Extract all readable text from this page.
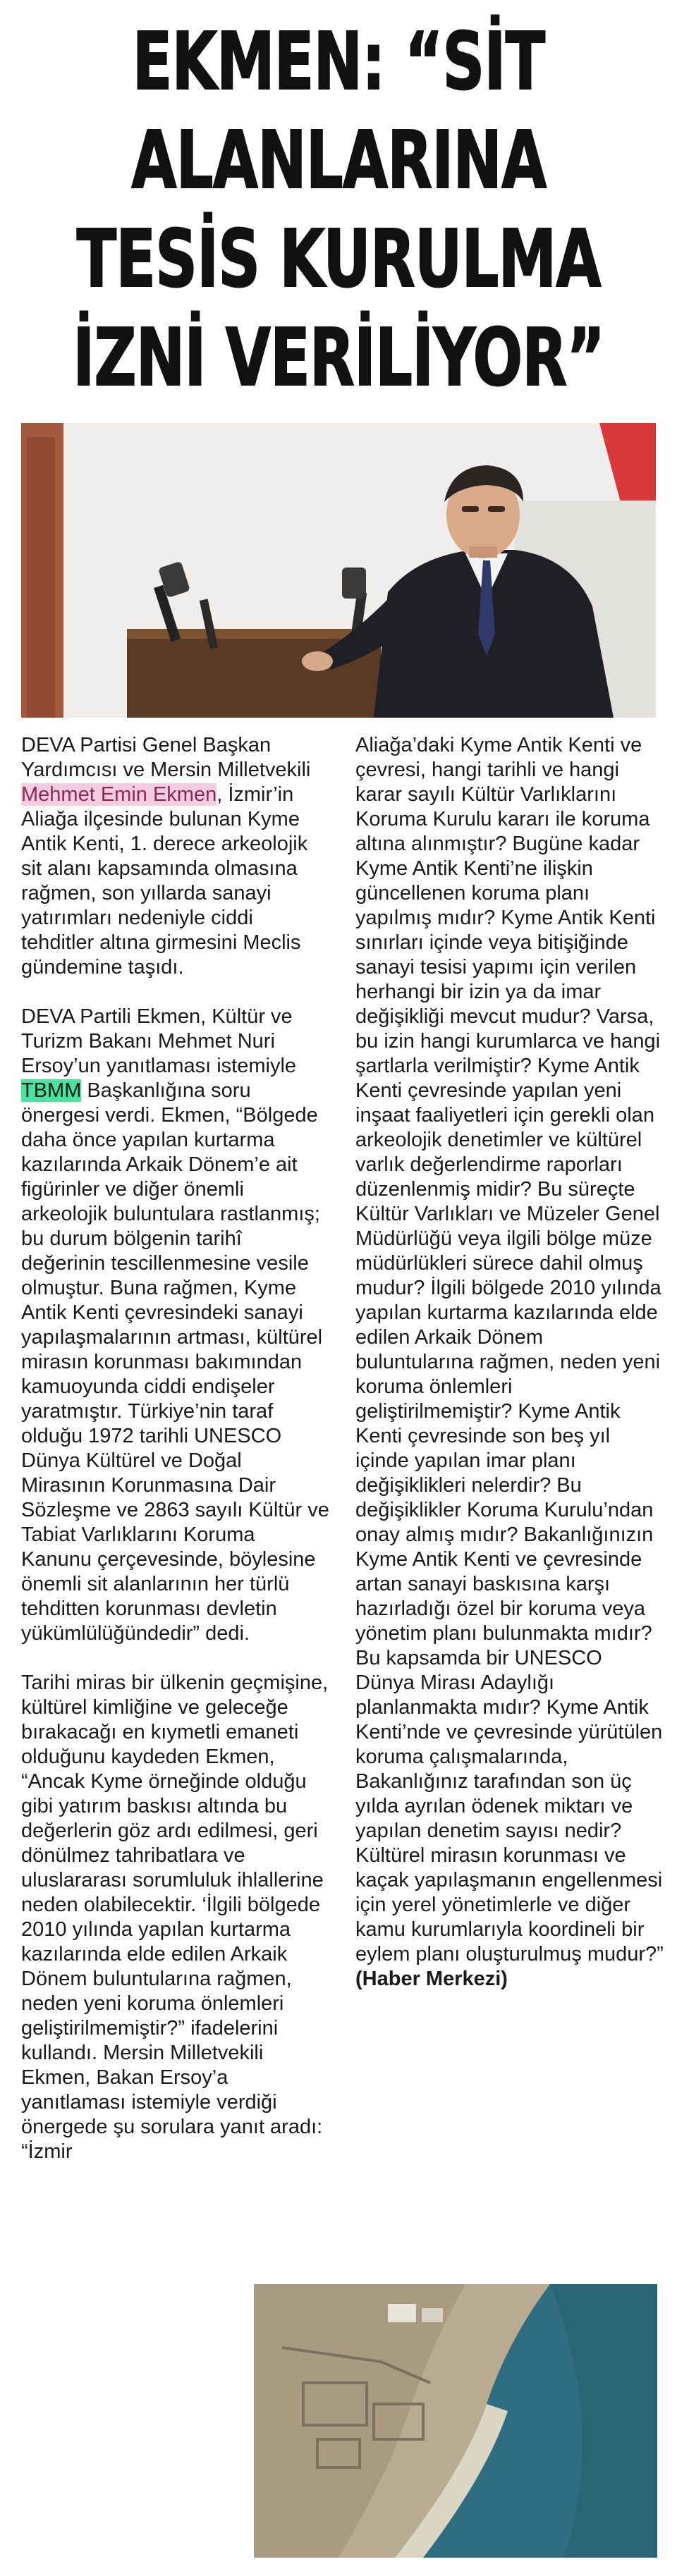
EKMEN: “SİT
ALANLARINA
TESİS KURULMA
İZNİ VERİLİYOR”

DEVA Partisi Genel Başkan Yardımcısı ve Mersin Milletvekili Mehmet Emin Ekmen, İzmir’in Aliağa ilçesinde bulunan Kyme Antik Kenti, 1. derece arkeolojik sit alanı kapsamında olmasına rağmen, son yıllarda sanayi yatırımları nedeniyle ciddi tehditler altına girmesini Meclis gündemine taşıdı.

DEVA Partili Ekmen, Kültür ve Turizm Bakanı Mehmet Nuri Ersoy’un yanıtlaması istemiyle TBMM Başkanlığına soru önergesi verdi. Ekmen, “Bölgede daha önce yapılan kurtarma kazılarında Arkaik Dönem’e ait figürinler ve diğer önemli arkeolojik buluntulara rastlanmış; bu durum bölgenin tarihî değerinin tescillenmesine vesile olmuştur. Buna rağmen, Kyme Antik Kenti çevresindeki sanayi yapılaşmalarının artması, kültürel mirasın korunması bakımından kamuoyunda ciddi endişeler yaratmıştır. Türkiye’nin taraf olduğu 1972 tarihli UNESCO Dünya Kültürel ve Doğal Mirasının Korunmasına Dair Sözleşme ve 2863 sayılı Kültür ve Tabiat Varlıklarını Koruma Kanunu çerçevesinde, böylesine önemli sit alanlarının her türlü tehditten korunması devletin yükümlülüğündedir” dedi.

Tarihi miras bir ülkenin geçmişine, kültürel kimliğine ve geleceğe bırakacağı en kıymetli emaneti olduğunu kaydeden Ekmen, “Ancak Kyme örneğinde olduğu gibi yatırım baskısı altında bu değerlerin göz ardı edilmesi, geri dönülmez tahribatlara ve uluslararası sorumluluk ihlallerine neden olabilecektir. ‘İlgili bölgede 2010 yılında yapılan kurtarma kazılarında elde edilen Arkaik Dönem buluntularına rağmen, neden yeni koruma önlemleri geliştirilmemiştir?” ifadelerini kullandı. Mersin Milletvekili Ekmen, Bakan Ersoy’a yanıtlaması istemiyle verdiği önergede şu sorulara yanıt aradı: “İzmir

Aliağa’daki Kyme Antik Kenti ve çevresi, hangi tarihli ve hangi karar sayılı Kültür Varlıklarını Koruma Kurulu kararı ile koruma altına alınmıştır? Bugüne kadar Kyme Antik Kenti’ne ilişkin güncellenen koruma planı yapılmış mıdır? Kyme Antik Kenti sınırları içinde veya bitişiğinde sanayi tesisi yapımı için verilen herhangi bir izin ya da imar değişikliği mevcut mudur? Varsa, bu izin hangi kurumlarca ve hangi şartlarla verilmiştir? Kyme Antik Kenti çevresinde yapılan yeni inşaat faaliyetleri için gerekli olan arkeolojik denetimler ve kültürel varlık değerlendirme raporları düzenlenmiş midir? Bu süreçte Kültür Varlıkları ve Müzeler Genel Müdürlüğü veya ilgili bölge müze müdürlükleri sürece dahil olmuş mudur? İlgili bölgede 2010 yılında yapılan kurtarma kazılarında elde edilen Arkaik Dönem buluntularına rağmen, neden yeni koruma önlemleri geliştirilmemiştir? Kyme Antik Kenti çevresinde son beş yıl içinde yapılan imar planı değişiklikleri nelerdir? Bu değişiklikler Koruma Kurulu’ndan onay almış mıdır? Bakanlığınızın Kyme Antik Kenti ve çevresinde artan sanayi baskısına karşı hazırladığı özel bir koruma veya yönetim planı bulunmakta mıdır? Bu kapsamda bir UNESCO Dünya Mirası Adaylığı planlanmakta mıdır? Kyme Antik Kenti’nde ve çevresinde yürütülen koruma çalışmalarında, Bakanlığınız tarafından son üç yılda ayrılan ödenek miktarı ve yapılan denetim sayısı nedir? Kültürel mirasın korunması ve kaçak yapılaşmanın engellenmesi için yerel yönetimlerle ve diğer kamu kurumlarıyla koordineli bir eylem planı oluşturulmuş mudur?” (Haber Merkezi)
